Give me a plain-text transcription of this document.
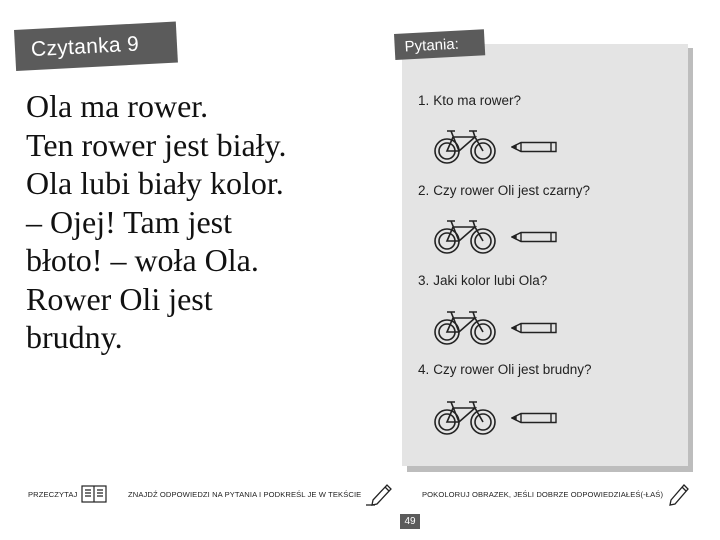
Czytanka 9
Ola ma rower.
Ten rower jest biały.
Ola lubi biały kolor.
– Ojej! Tam jest
błoto! – woła Ola.
Rower Oli jest
brudny.
Pytania:
1. Kto ma rower?
2. Czy rower Oli jest czarny?
3. Jaki kolor lubi Ola?
4. Czy rower Oli jest brudny?
PRZECZYTAJ	ZNAJDŹ ODPOWIEDZI NA PYTANIA I PODKREŚL JE W TEKŚCIE	POKOLORUJ OBRAZEK, JEŚLI DOBRZE ODPOWIEDZIAŁEŚ(-ŁAŚ)
49
